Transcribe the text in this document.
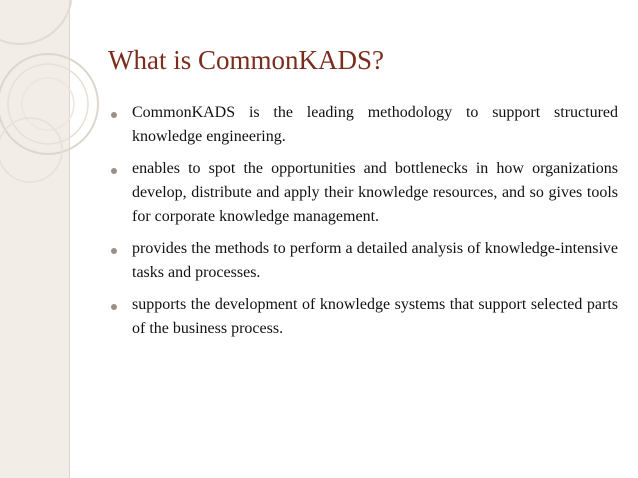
What is CommonKADS?
CommonKADS is the leading methodology to support structured knowledge engineering.
enables to spot the opportunities and bottlenecks in how organizations develop, distribute and apply their knowledge resources, and so gives tools for corporate knowledge management.
provides the methods to perform a detailed analysis of knowledge-intensive tasks and processes.
supports the development of knowledge systems that support selected parts of the business process.
